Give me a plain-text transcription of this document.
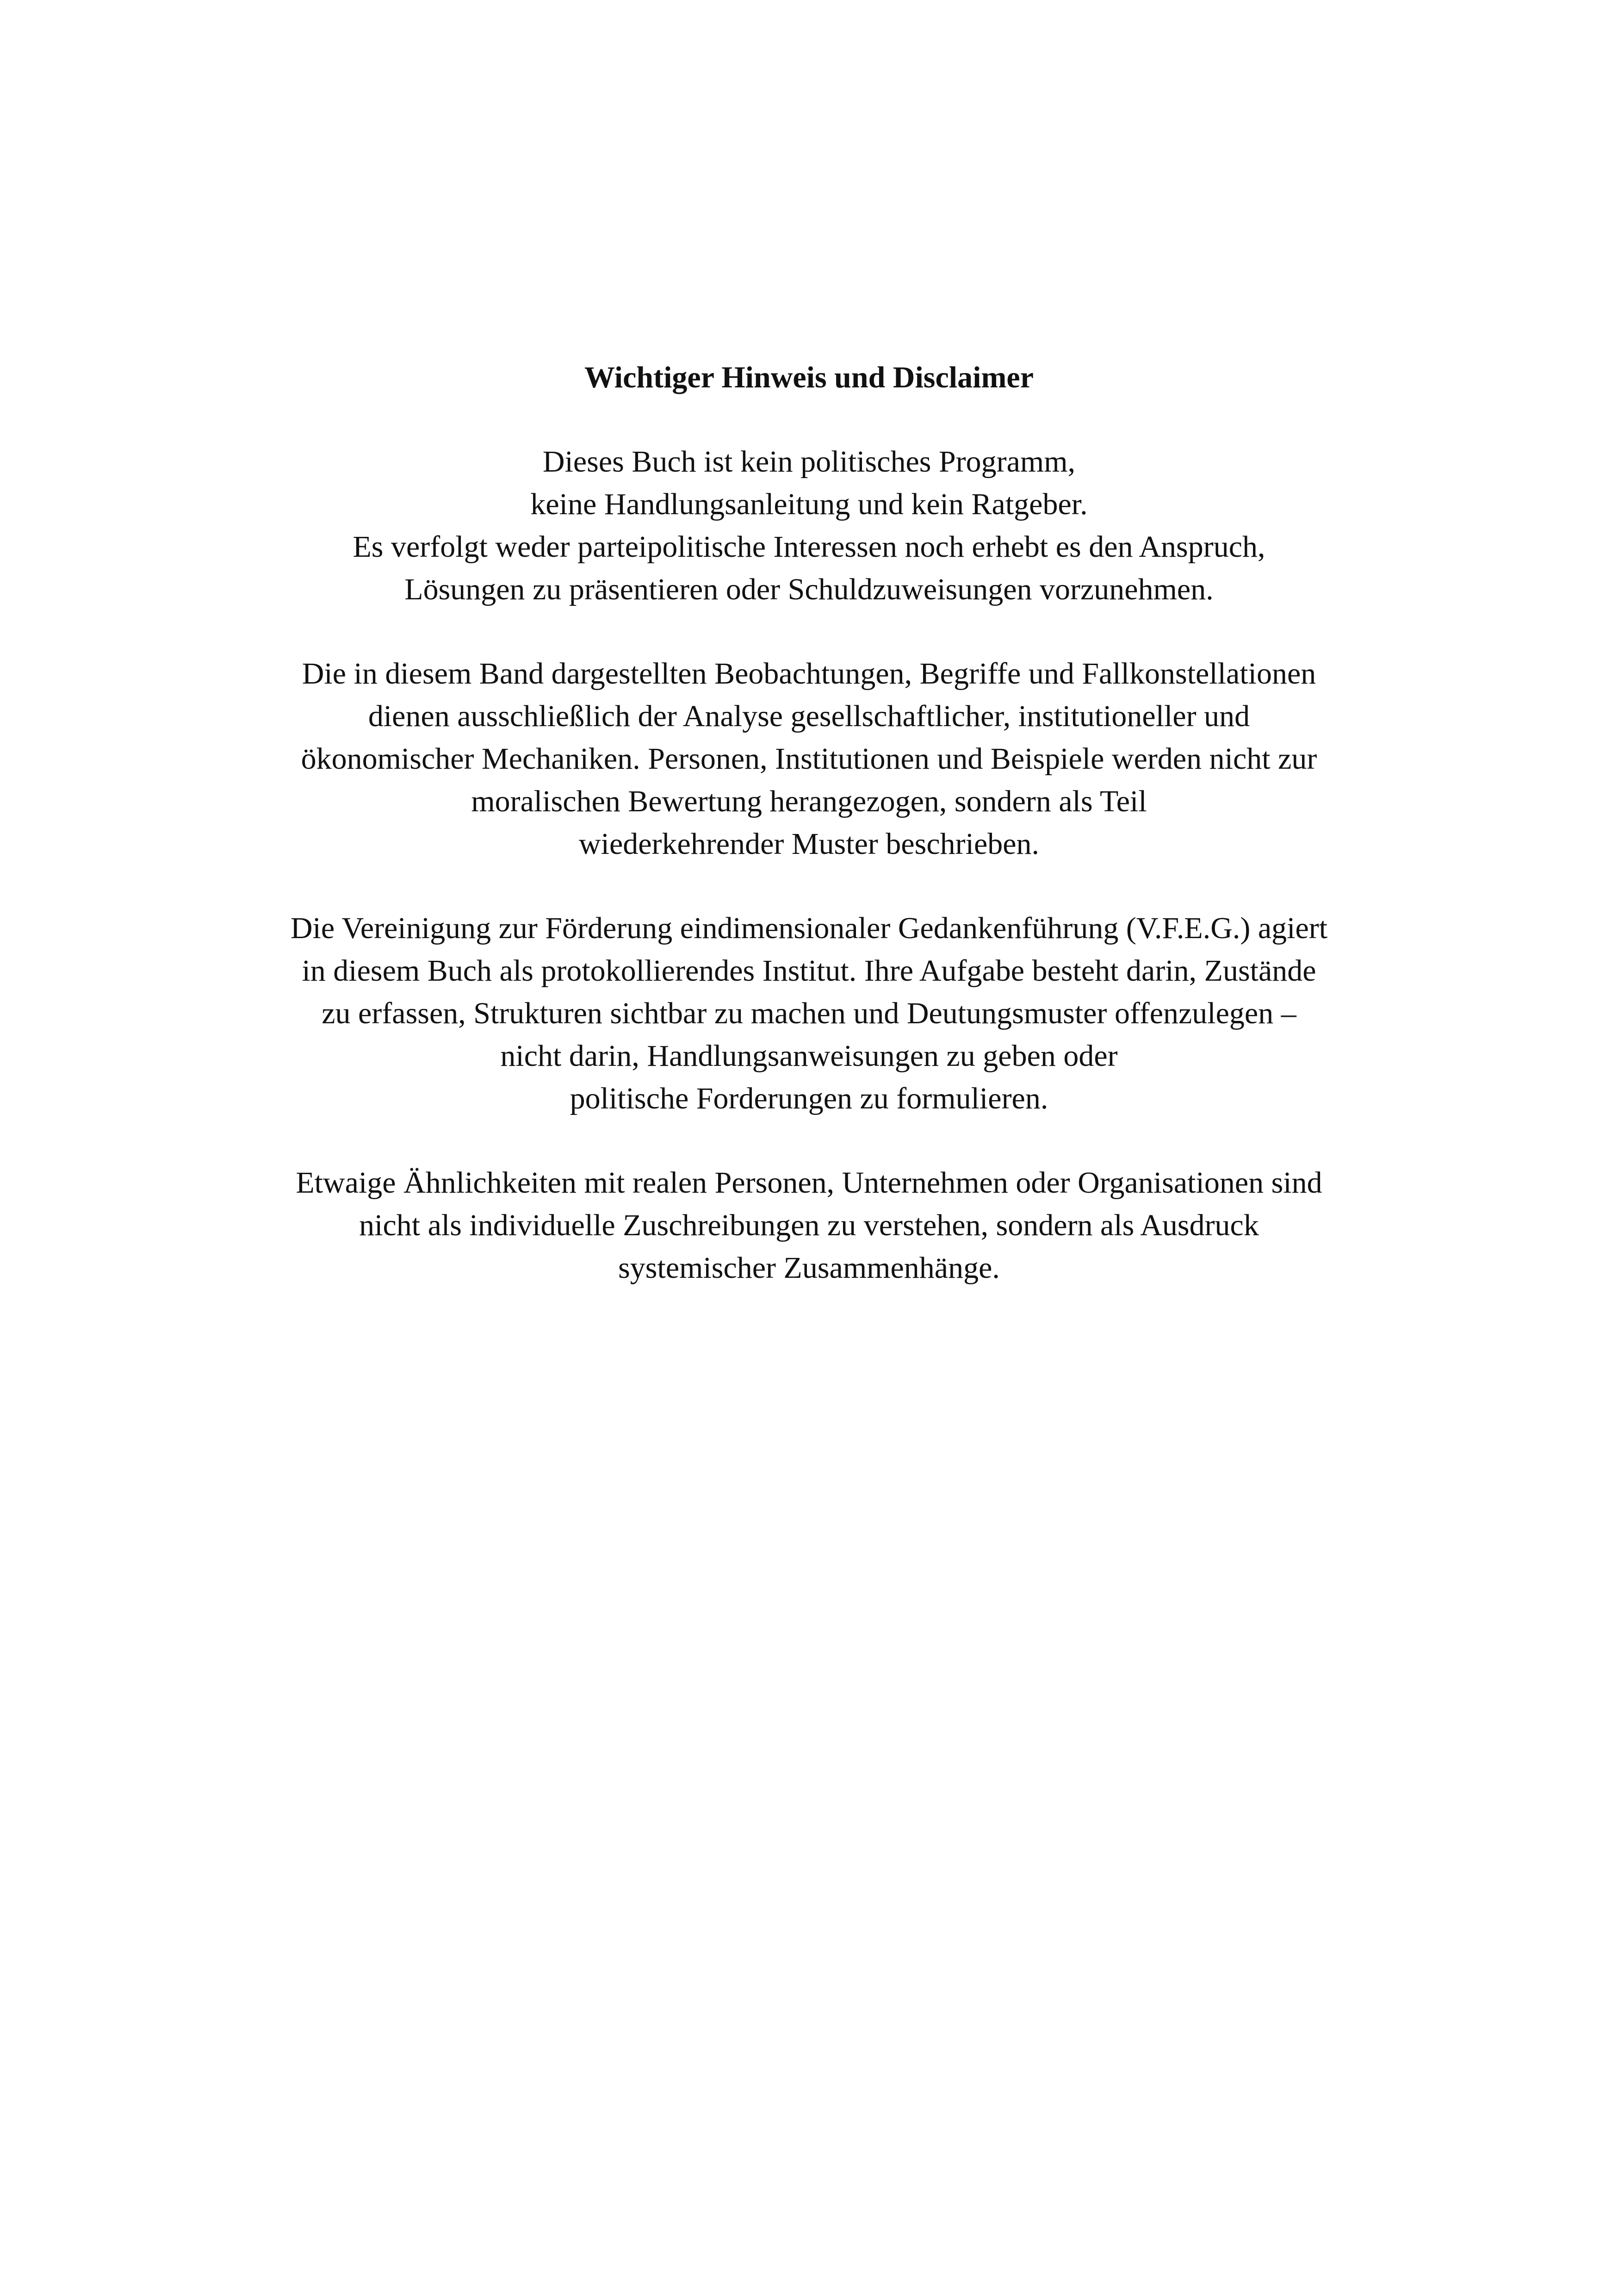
Wichtiger Hinweis und Disclaimer
Dieses Buch ist kein politisches Programm,
keine Handlungsanleitung und kein Ratgeber.
Es verfolgt weder parteipolitische Interessen noch erhebt es den Anspruch,
Lösungen zu präsentieren oder Schuldzuweisungen vorzunehmen.
Die in diesem Band dargestellten Beobachtungen, Begriffe und Fallkonstellationen
dienen ausschließlich der Analyse gesellschaftlicher, institutioneller und
ökonomischer Mechaniken. Personen, Institutionen und Beispiele werden nicht zur
moralischen Bewertung herangezogen, sondern als Teil
wiederkehrender Muster beschrieben.
Die Vereinigung zur Förderung eindimensionaler Gedankenführung (V.F.E.G.) agiert
in diesem Buch als protokollierendes Institut. Ihre Aufgabe besteht darin, Zustände
zu erfassen, Strukturen sichtbar zu machen und Deutungsmuster offenzulegen –
nicht darin, Handlungsanweisungen zu geben oder
politische Forderungen zu formulieren.
Etwaige Ähnlichkeiten mit realen Personen, Unternehmen oder Organisationen sind
nicht als individuelle Zuschreibungen zu verstehen, sondern als Ausdruck
systemischer Zusammenhänge.
